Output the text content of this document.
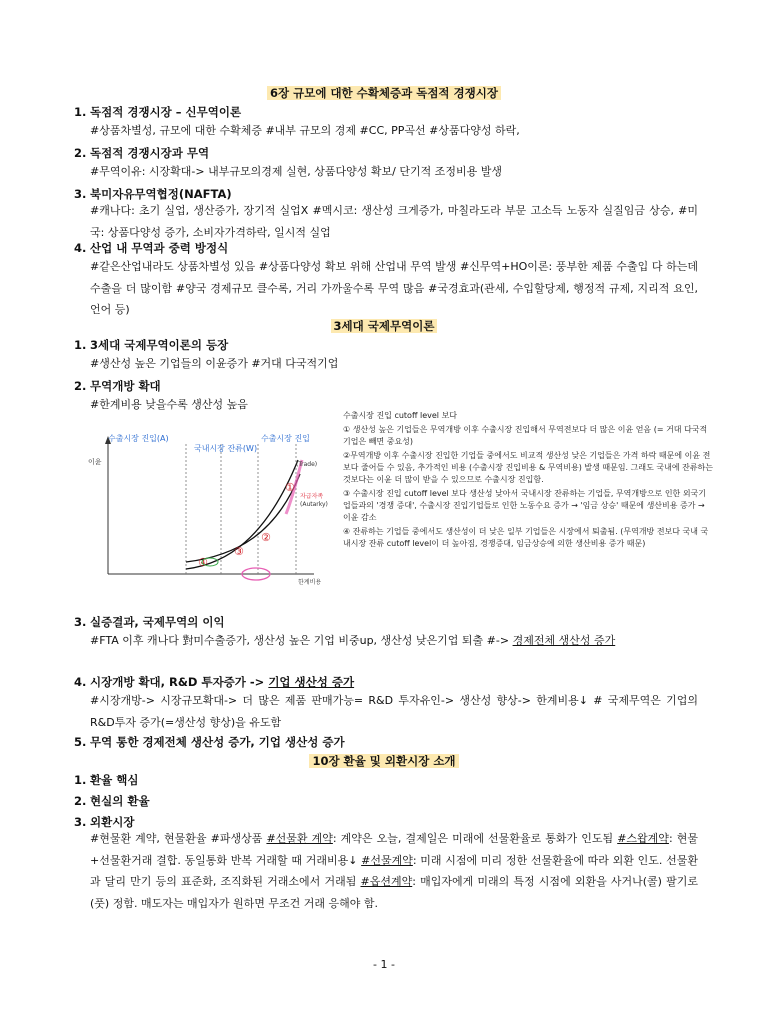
6장 규모에 대한 수확체증과 독점적 경쟁시장
1. 독점적 경쟁시장 – 신무역이론
#상품차별성, 규모에 대한 수확체증 #내부 규모의 경제 #CC, PP곡선 #상품다양성 하락,
2. 독점적 경쟁시장과 무역
#무역이유: 시장확대-> 내부규모의경제 실현, 상품다양성 확보/ 단기적 조정비용 발생
3. 북미자유무역협정(NAFTA)
#캐나다: 초기 실업, 생산증가, 장기적 실업X #멕시코: 생산성 크게증가, 마칠라도라 부문 고소득 노동자 실질임금 상승, #미국: 상품다양성 증가, 소비자가격하락, 일시적 실업
4. 산업 내 무역과 중력 방정식
#같은산업내라도 상품차별성 있음 #상품다양성 확보 위해 산업내 무역 발생 #신무역+HO이론: 풍부한 제품 수출입 다 하는데 수출을 더 많이함 #양국 경제규모 클수록, 거리 가까울수록 무역 많음 #국경효과(관세, 수입할당제, 행정적 규제, 지리적 요인, 언어 등)
3세대 국제무역이론
1. 3세대 국제무역이론의 등장
#생산성 높은 기업들의 이윤증가 #거대 다국적기업
2. 무역개방 확대
#한계비용 낮을수록 생산성 높음
수출시장 진입(A)
국내시장 잔류(W)
수출시장 진입
이윤	(Trade)
자급자족
(Autarky)
한계비용
①
②
③
④
수출시장 진입 cutoff level 보다
① 생산성 높은 기업들은 무역개방 이후 수출시장 진입해서 무역전보다 더 많은 이윤 얻음 (= 거대 다국적기업은 빼면 중요성)
②무역개방 이후 수출시장 진입한 기업들 중에서도 비교적 생산성 낮은 기업들은 가격 하락 때문에 이윤 전보다 줄어들 수 있음, 추가적인 비용 (수출시장 진입비용 & 무역비용) 발생 때문임. 그래도 국내에 잔류하는 것보다는 이윤 더 많이 받을 수 있으므로 수출시장 진입함.
③ 수출시장 진입 cutoff level 보다 생산성 낮아서 국내시장 잔류하는 기업들, 무역개방으로 인한 외국기업들과의 '경쟁 증대', 수출시장 진입기업들로 인한 노동수요 증가 → '임금 상승' 때문에 생산비용 증가 → 이윤 감소
④ 잔류하는 기업들 중에서도 생산성이 더 낮은 일부 기업들은 시장에서 퇴출됨. (무역개방 전보다 국내 국내시장 잔류 cutoff level이 더 높아짐, 경쟁증대, 임금상승에 의한 생산비용 증가 때문)
3. 실증결과, 국제무역의 이익
#FTA 이후 캐나다 對미수출증가, 생산성 높은 기업 비중up, 생산성 낮은기업 퇴출 #-> 경제전체 생산성 증가
4. 시장개방 확대, R&D 투자증가 -> 기업 생산성 증가
#시장개방-> 시장규모확대-> 더 많은 제품 판매가능= R&D 투자유인-> 생산성 향상-> 한계비용↓ # 국제무역은 기업의 R&D투자 증가(=생산성 향상)을 유도함
5. 무역 통한 경제전체 생산성 증가, 기업 생산성 증가
10장 환율 및 외환시장 소개
1. 환율 핵심
2. 현실의 환율
3. 외환시장
#현물환 계약, 현물환율 #파생상품 #선물환 계약: 계약은 오늘, 결제일은 미래에 선물환율로 통화가 인도됨 #스왑계약: 현물+선물환거래 결합. 동일통화 반복 거래할 때 거래비용↓ #선물계약: 미래 시점에 미리 정한 선물환율에 따라 외환 인도. 선물환과 달리 만기 등의 표준화, 조직화된 거래소에서 거래됨 #옵션계약: 매입자에게 미래의 특정 시점에 외환을 사거나(콜) 팔기로(풋) 정함. 매도자는 매입자가 원하면 무조건 거래 응해야 함.
- 1 -
